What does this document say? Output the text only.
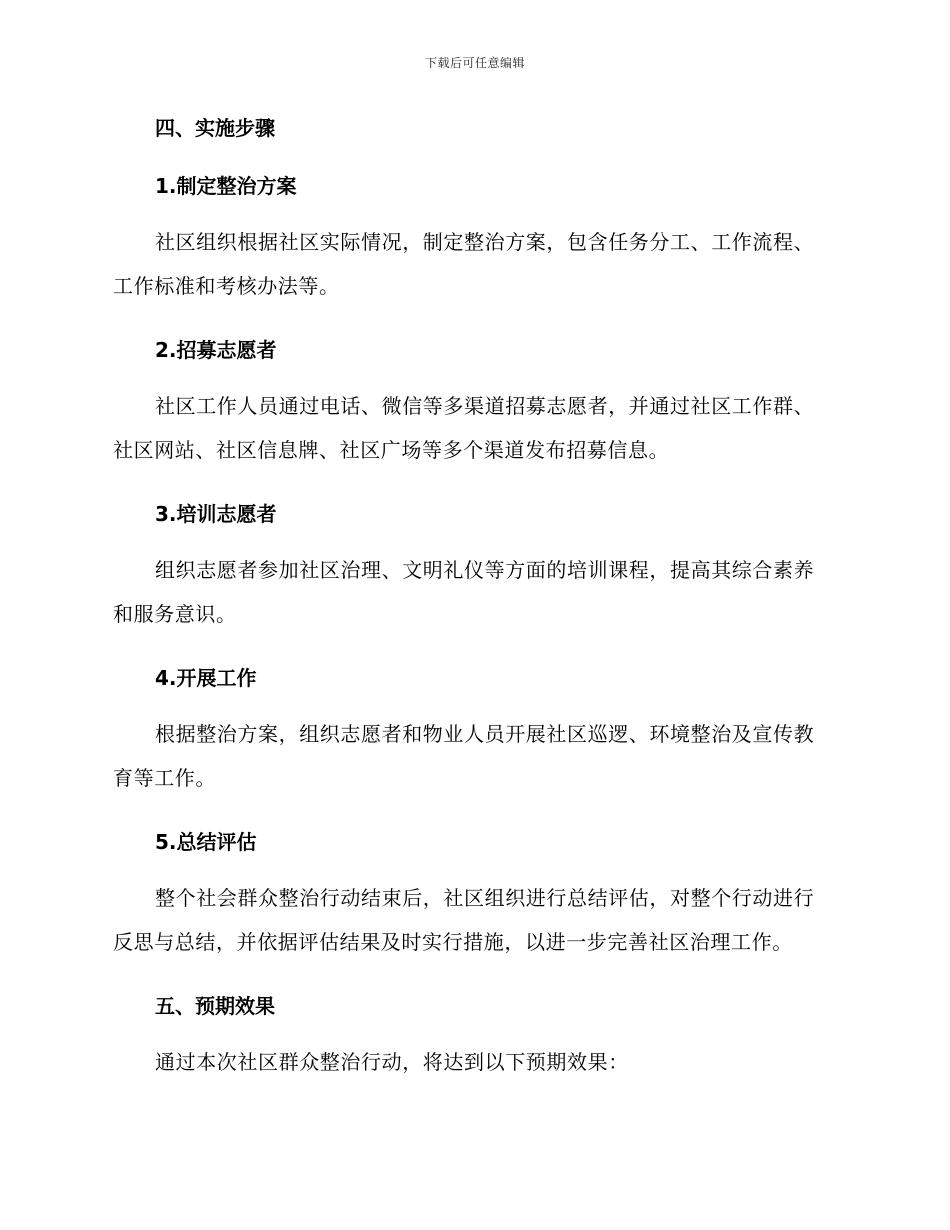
下载后可任意编辑

四、实施步骤

1.制定整治方案

社区组织根据社区实际情况，制定整治方案，包含任务分工、工作流程、工作标准和考核办法等。

2.招募志愿者

社区工作人员通过电话、微信等多渠道招募志愿者，并通过社区工作群、社区网站、社区信息牌、社区广场等多个渠道发布招募信息。

3.培训志愿者

组织志愿者参加社区治理、文明礼仪等方面的培训课程，提高其综合素养和服务意识。

4.开展工作

根据整治方案，组织志愿者和物业人员开展社区巡逻、环境整治及宣传教育等工作。

5.总结评估

整个社会群众整治行动结束后，社区组织进行总结评估，对整个行动进行反思与总结，并依据评估结果及时实行措施，以进一步完善社区治理工作。

五、预期效果

通过本次社区群众整治行动，将达到以下预期效果：
